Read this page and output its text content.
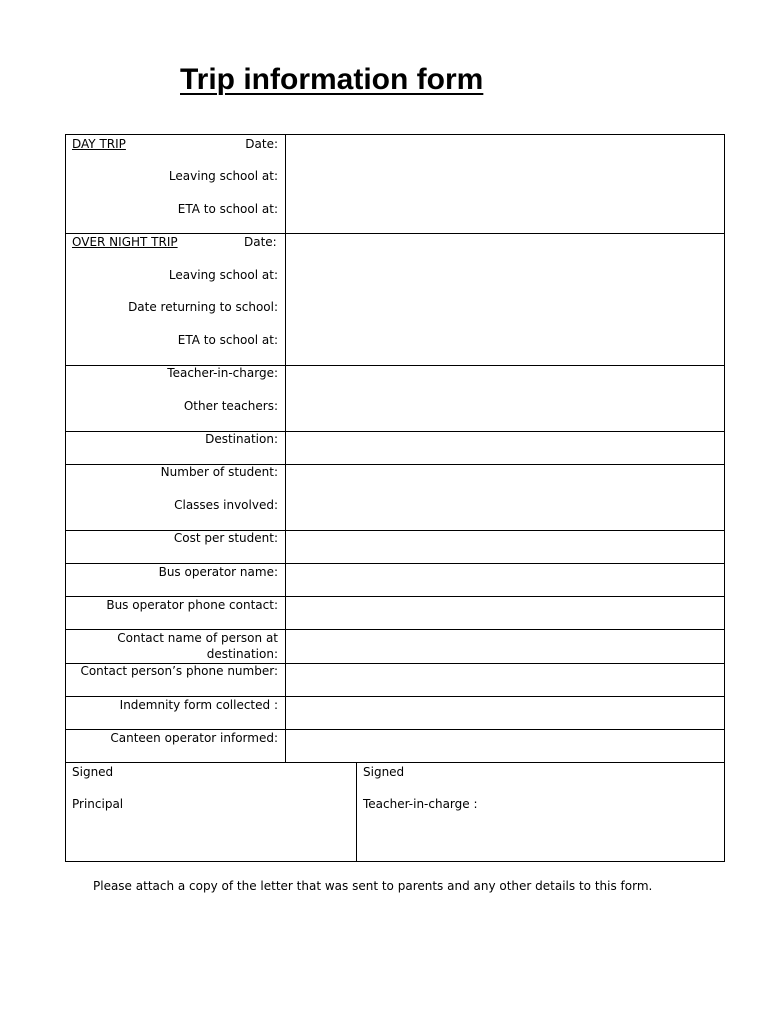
Trip information form
DAY TRIP	Date:
Leaving school at:
ETA to school at:
OVER NIGHT TRIP	Date:
Leaving school at:
Date returning to school:
ETA to school at:
Teacher-in-charge:
Other teachers:
Destination:
Number of student:
Classes involved:
Cost per student:
Bus operator name:
Bus operator phone contact:
Contact name of person at destination:
Contact person’s phone number:
Indemnity form collected :
Canteen operator informed:
Signed
Principal
Signed
Teacher-in-charge :

Please attach a copy of the letter that was sent to parents and any other details to this form.
